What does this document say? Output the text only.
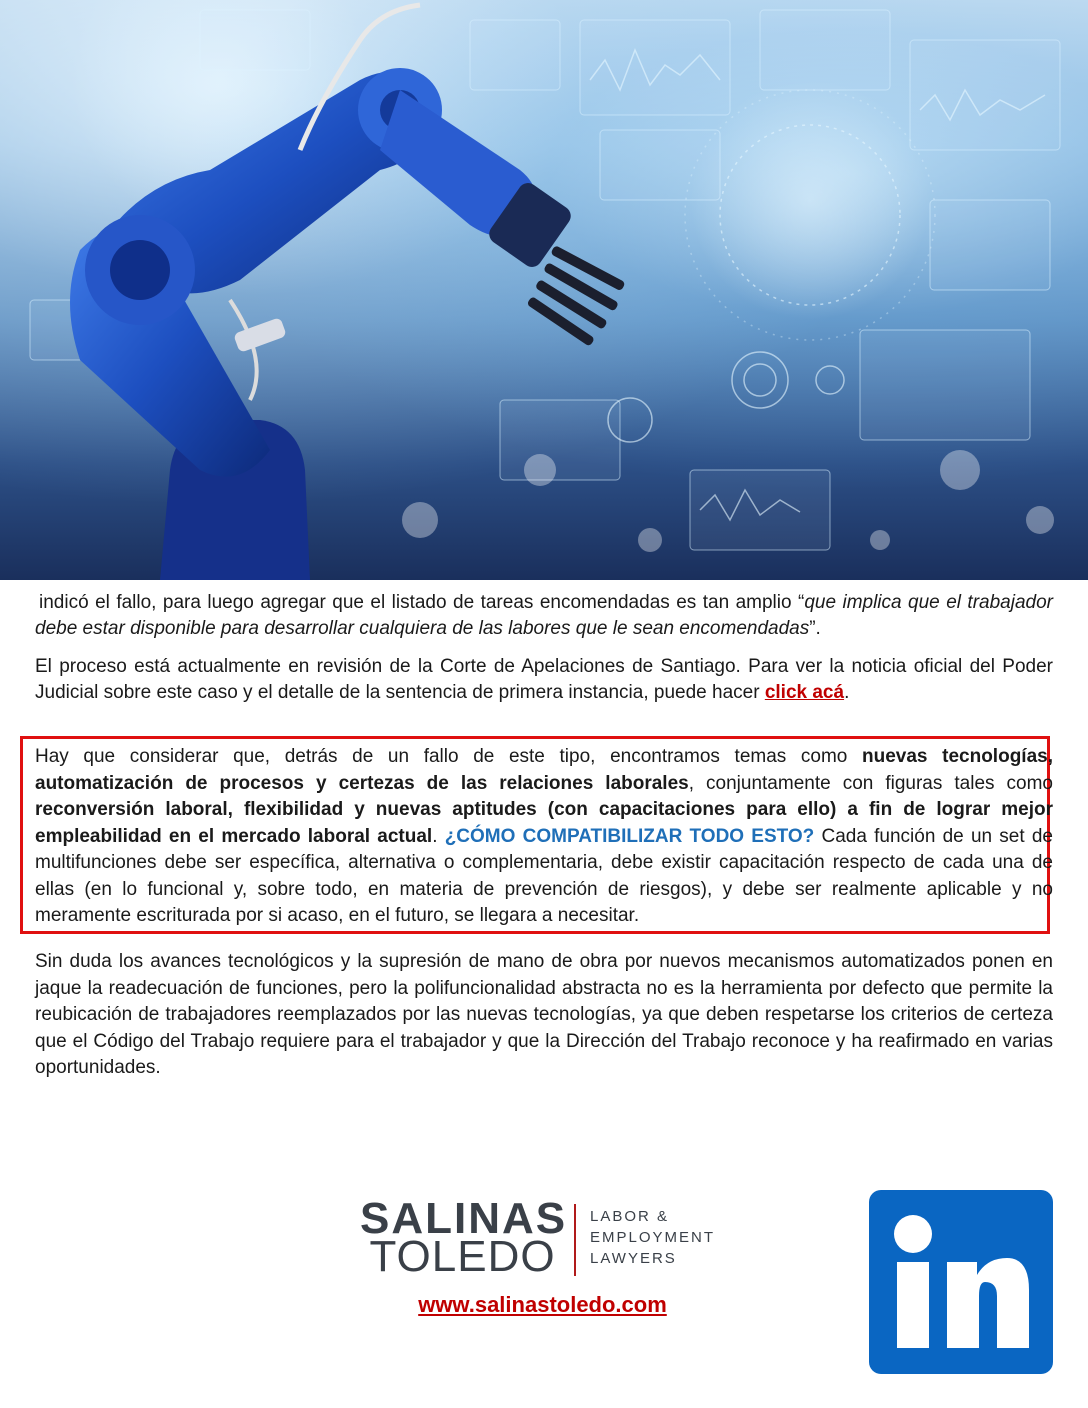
indicó el fallo, para luego agregar que el listado de tareas encomendadas es tan amplio “que implica que el trabajador debe estar disponible para desarrollar cualquiera de las labores que le sean encomendadas”.

El proceso está actualmente en revisión de la Corte de Apelaciones de Santiago. Para ver la noticia oficial del Poder Judicial sobre este caso y el detalle de la sentencia de primera instancia, puede hacer click acá.

Hay que considerar que, detrás de un fallo de este tipo, encontramos temas como nuevas tecnologías, automatización de procesos y certezas de las relaciones laborales, conjuntamente con figuras tales como reconversión laboral, flexibilidad y nuevas aptitudes (con capacitaciones para ello) a fin de lograr mejor empleabilidad en el mercado laboral actual. ¿CÓMO COMPATIBILIZAR TODO ESTO? Cada función de un set de multifunciones debe ser específica, alternativa o complementaria, debe existir capacitación respecto de cada una de ellas (en lo funcional y, sobre todo, en materia de prevención de riesgos), y debe ser realmente aplicable y no meramente escriturada por si acaso, en el futuro, se llegara a necesitar.
Sin duda los avances tecnológicos y la supresión de mano de obra por nuevos mecanismos automatizados ponen en jaque la readecuación de funciones, pero la polifuncionalidad abstracta no es la herramienta por defecto que permite la reubicación de trabajadores reemplazados por las nuevas tecnologías, ya que deben respetarse los criterios de certeza que el Código del Trabajo requiere para el trabajador y que la Dirección del Trabajo reconoce y ha reafirmado en varias oportunidades.
SALINAS
TOLEDO
LABOR &
EMPLOYMENT
LAWYERS
www.salinastoledo.com
